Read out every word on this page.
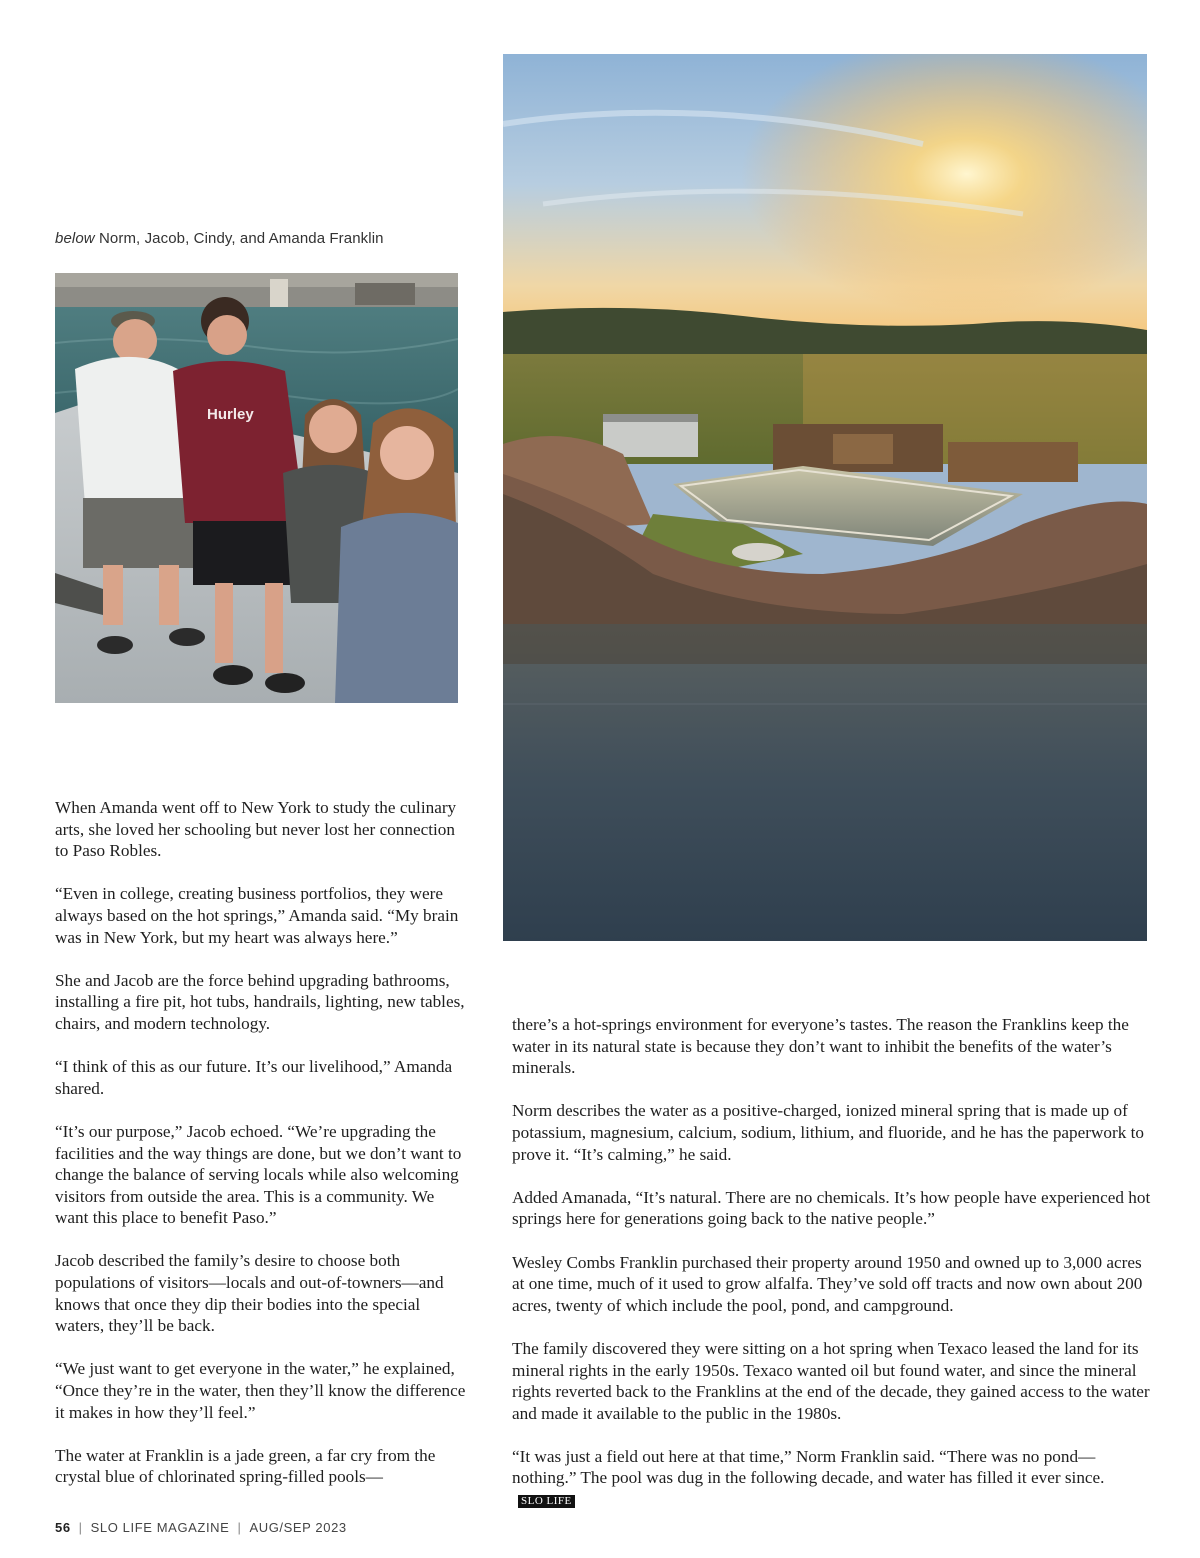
below Norm, Jacob, Cindy, and Amanda Franklin
Hurley

When Amanda went off to New York to study the culinary arts, she loved her schooling but never lost her connection to Paso Robles.

“Even in college, creating business portfolios, they were always based on the hot springs,” Amanda said. “My brain was in New York, but my heart was always here.”

She and Jacob are the force behind upgrading bathrooms, installing a fire pit, hot tubs, handrails, lighting, new tables, chairs, and modern technology.

“I think of this as our future. It’s our livelihood,” Amanda shared.

“It’s our purpose,” Jacob echoed. “We’re upgrading the facilities and the way things are done, but we don’t want to change the balance of serving locals while also welcoming visitors from outside the area. This is a community. We want this place to benefit Paso.”

Jacob described the family’s desire to choose both populations of visitors—locals and out-of-towners—and knows that once they dip their bodies into the special waters, they’ll be back.

“We just want to get everyone in the water,” he explained, “Once they’re in the water, then they’ll know the difference it makes in how they’ll feel.”

The water at Franklin is a jade green, a far cry from the crystal blue of chlorinated spring-filled pools—

there’s a hot-springs environment for everyone’s tastes. The reason the Franklins keep the water in its natural state is because they don’t want to inhibit the benefits of the water’s minerals.

Norm describes the water as a positive-charged, ionized mineral spring that is made up of potassium, magnesium, calcium, sodium, lithium, and fluoride, and he has the paperwork to prove it. “It’s calming,” he said.

Added Amanada, “It’s natural. There are no chemicals. It’s how people have experienced hot springs here for generations going back to the native people.”

Wesley Combs Franklin purchased their property around 1950 and owned up to 3,000 acres at one time, much of it used to grow alfalfa. They’ve sold off tracts and now own about 200 acres, twenty of which include the pool, pond, and campground.

The family discovered they were sitting on a hot spring when Texaco leased the land for its mineral rights in the early 1950s. Texaco wanted oil but found water, and since the mineral rights reverted back to the Franklins at the end of the decade, they gained access to the water and made it available to the public in the 1980s.

“It was just a field out here at that time,” Norm Franklin said. “There was no pond—nothing.” The pool was dug in the following decade, and water has filled it ever since.SLO LIFE

56 | SLO LIFE MAGAZINE | AUG/SEP 2023
